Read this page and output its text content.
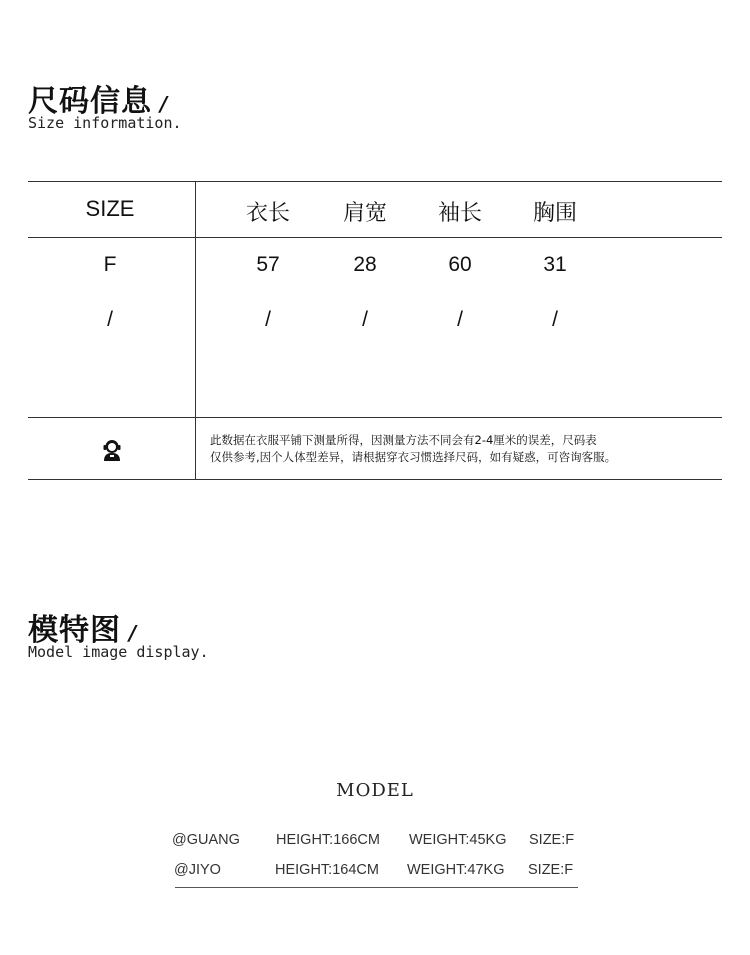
尺码信息 /
Size information.
SIZE	衣长	肩宽	袖长	胸围
F	57	28	60	31
/	/	/	/	/
此数据在衣服平铺下测量所得，因测量方法不同会有2-4厘米的误差，尺码表
仅供参考,因个人体型差异，请根据穿衣习惯选择尺码，如有疑惑，可咨询客服。
模特图 /
Model image display.
MODEL
@GUANG HEIGHT:166CM WEIGHT:45KG SIZE:F
@JIYO	HEIGHT:164CM WEIGHT:47KG SIZE:F
